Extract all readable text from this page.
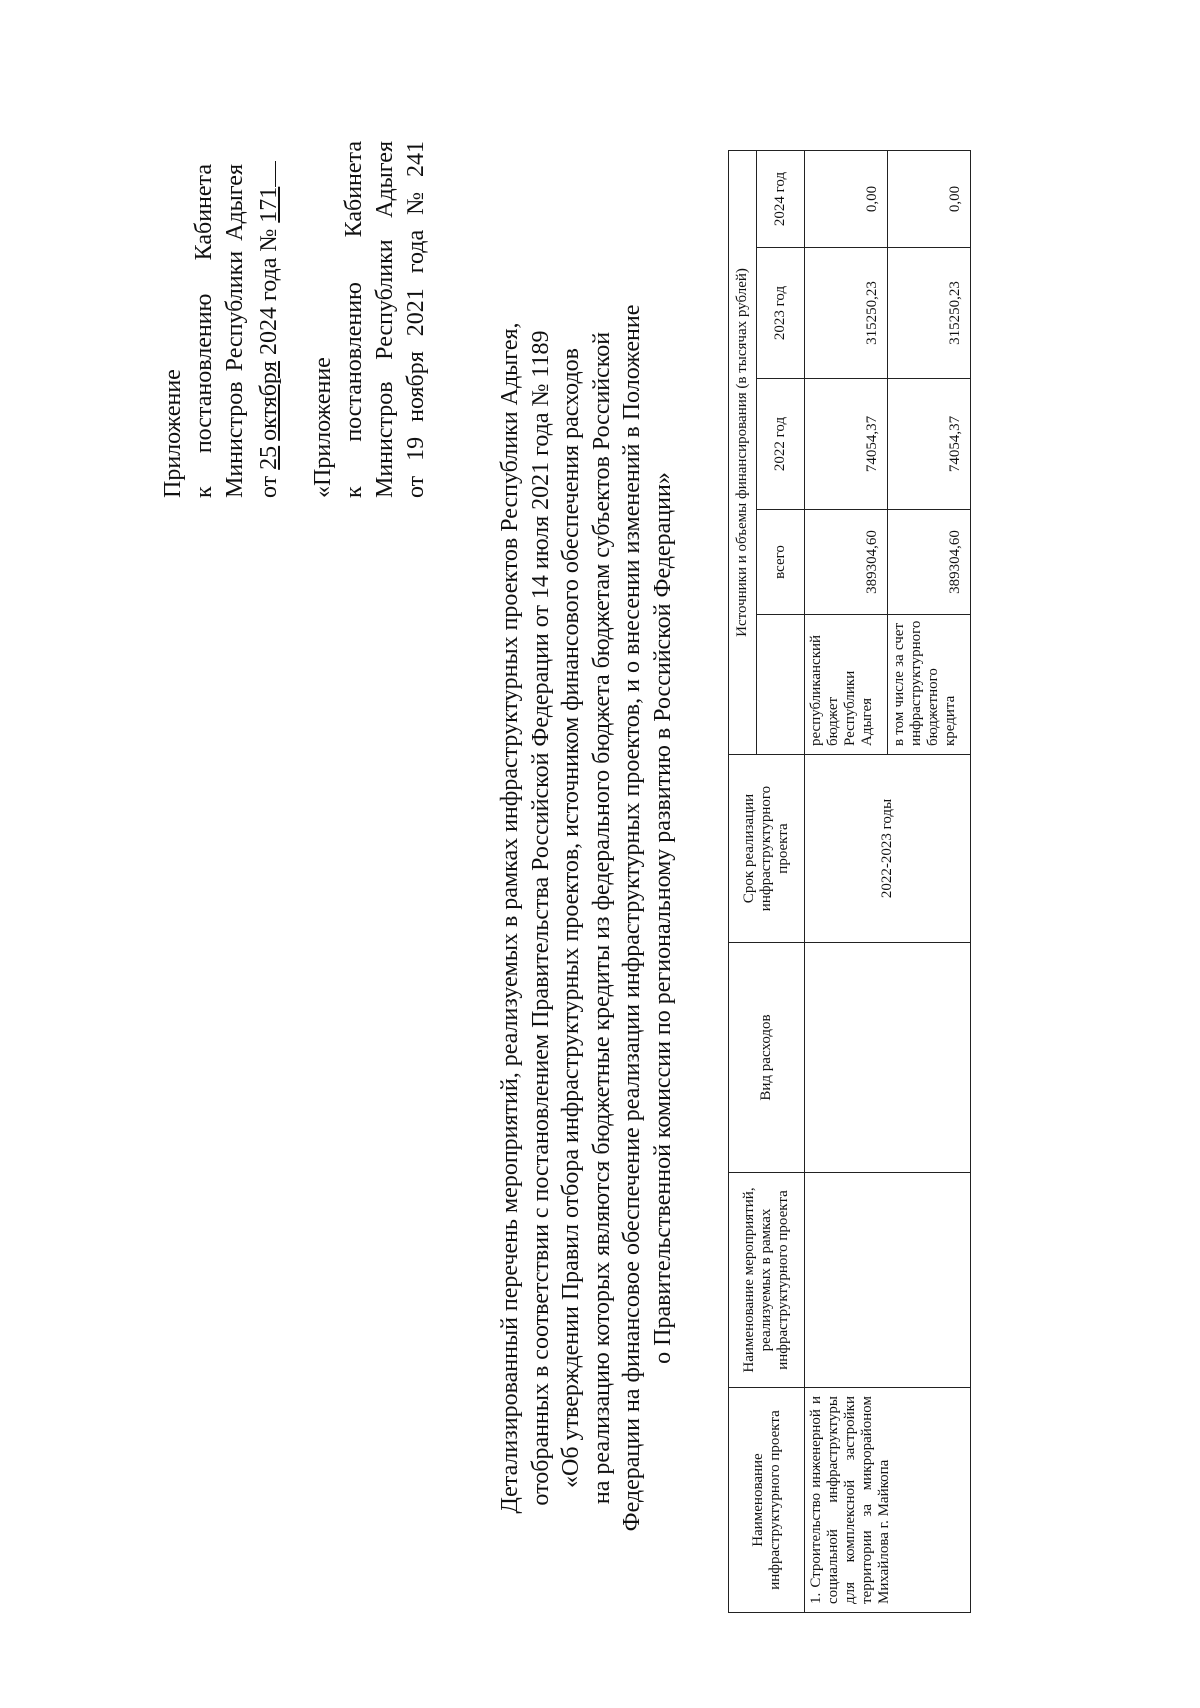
Приложение к
постановлению
Кабинета
Министров
Республики
Адыгея
от 25октября 2024 года № 171
«Приложение к
постановлению
Кабинета
Министров
Республики
Адыгея
от
19
ноября
2021
года
№
241
Детализированный перечень мероприятий, реализуемых в рамках инфраструктурных проектов Республики Адыгея, отобранных в соответствии с постановлением Правительства Российской Федерации от 14 июля 2021 года № 1189 «Об утверждении Правил отбора инфраструктурных проектов, источником финансового обеспечения расходов на реализацию которых являются бюджетные кредиты из федерального бюджета бюджетам субъектов Российской Федерации на финансовое обеспечение реализации инфраструктурных проектов, и о внесении изменений в Положение о Правительственной комиссии по региональному развитию в Российской Федерации»
Наименование инфраструктурного проекта	Наименование мероприятий, реализуемых в рамках инфраструктурного проекта	Вид расходов	Срок реализации инфраструктурного проекта	Источники и объемы финансирования (в тысячах рублей)				
					всего	2022 год	2023 год	2024 год
1. Строительство инженерной и социальной инфраструктуры для комплексной застройки территории за микрорайоном Михайлова г. Майкопа			2022-2023 годы	республиканский бюджет Республики Адыгея	389304,60	74054,37	315250,23	0,00
				в том числе за счет инфраструктурного бюджетного кредита	389304,60	74054,37	315250,23	0,00
